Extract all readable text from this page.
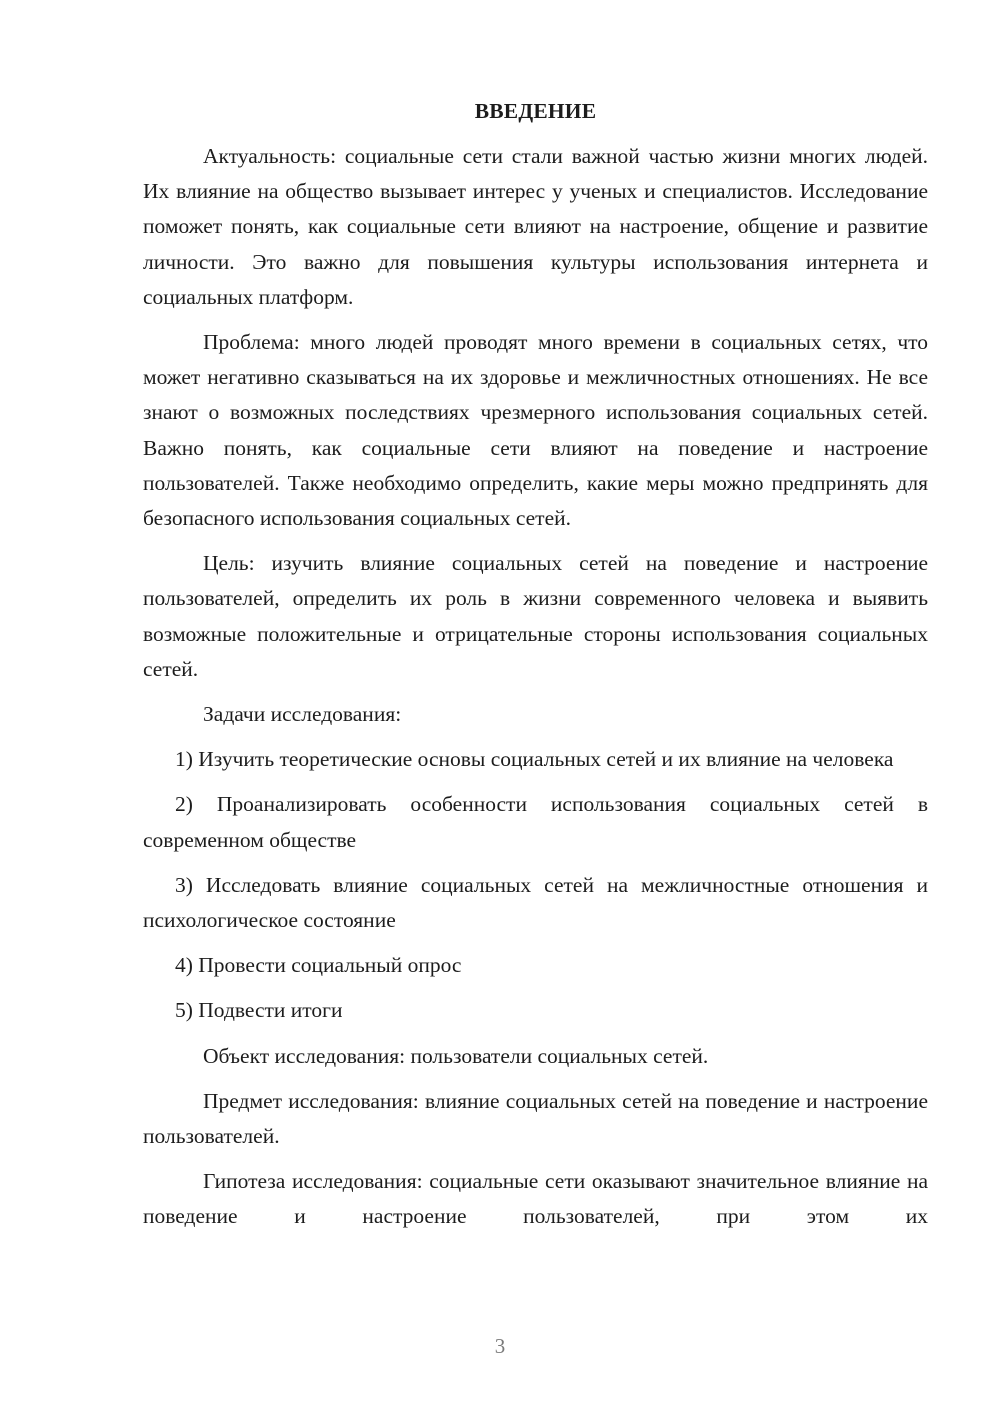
ВВЕДЕНИЕ

Актуальность: социальные сети стали важной частью жизни многих людей. Их влияние на общество вызывает интерес у ученых и специалистов. Исследование поможет понять, как социальные сети влияют на настроение, общение и развитие личности. Это важно для повышения культуры использования интернета и социальных платформ.

Проблема: много людей проводят много времени в социальных сетях, что может негативно сказываться на их здоровье и межличностных отношениях. Не все знают о возможных последствиях чрезмерного использования социальных сетей. Важно понять, как социальные сети влияют на поведение и настроение пользователей. Также необходимо определить, какие меры можно предпринять для безопасного использования социальных сетей.

Цель: изучить влияние социальных сетей на поведение и настроение пользователей, определить их роль в жизни современного человека и выявить возможные положительные и отрицательные стороны использования социальных сетей.

Задачи исследования:

1) Изучить теоретические основы социальных сетей и их влияние на человека

2) Проанализировать особенности использования социальных сетей в современном обществе

3) Исследовать влияние социальных сетей на межличностные отношения и психологическое состояние

4) Провести социальный опрос

5) Подвести итоги

Объект исследования: пользователи социальных сетей.

Предмет исследования: влияние социальных сетей на поведение и настроение пользователей.

Гипотеза исследования: социальные сети оказывают значительное влияние на поведение и настроение пользователей, при этом их

3
